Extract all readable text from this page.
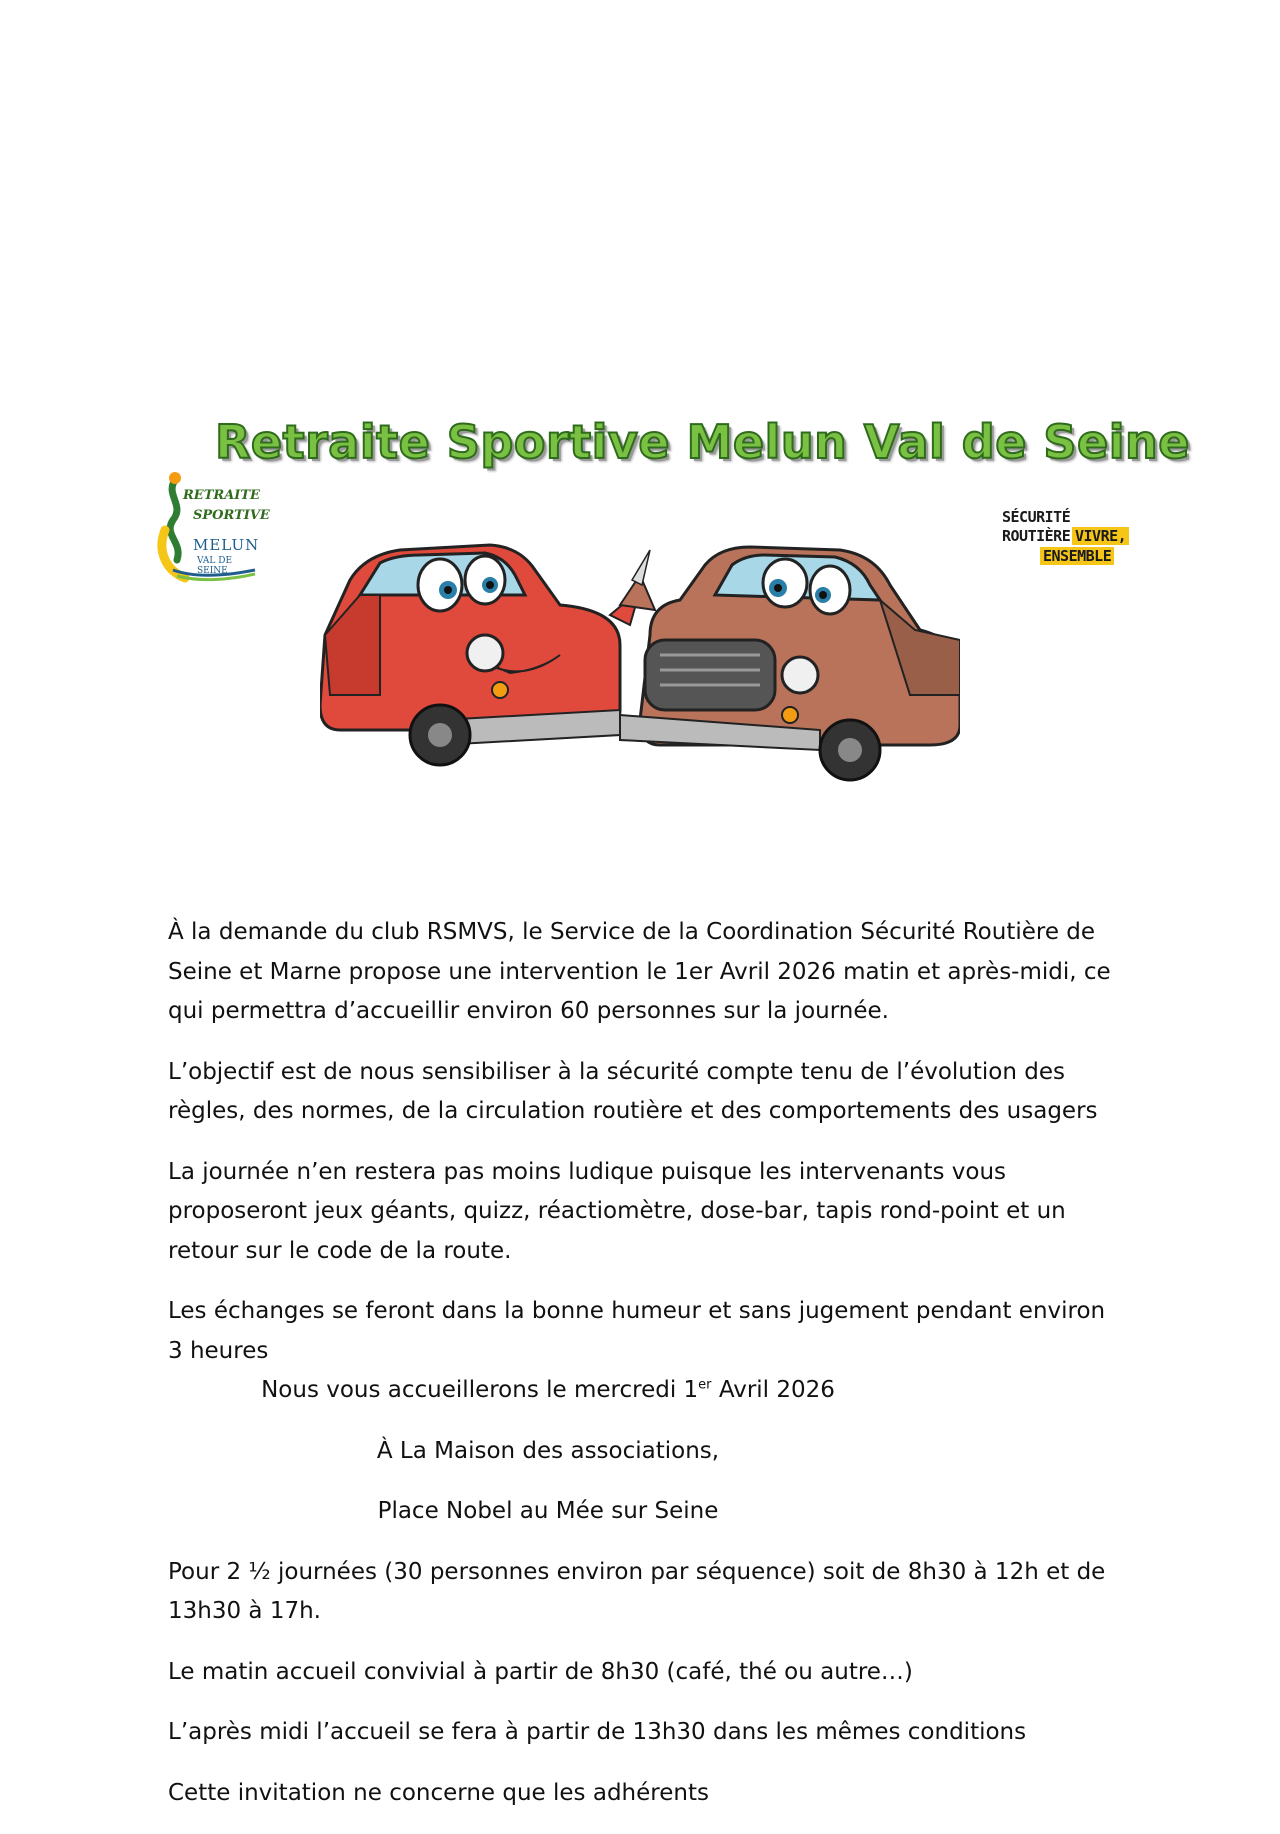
Retraite Sportive Melun Val de Seine
RETRAITE
SPORTIVE
MELUN
VAL DE SEINE
SÉCURITÉ
ROUTIÈRE VIVRE,
ENSEMBLE

À la demande du club RSMVS, le Service de la Coordination Sécurité Routière de Seine et Marne propose une intervention le 1er Avril 2026 matin et après-midi, ce qui permettra d’accueillir environ 60 personnes sur la journée.

L’objectif est de nous sensibiliser à la sécurité compte tenu de l’évolution des règles, des normes, de la circulation routière et des comportements des usagers

La journée n’en restera pas moins ludique puisque les intervenants vous proposeront jeux géants, quizz, réactiomètre, dose-bar, tapis rond-point et un retour sur le code de la route.

Les échanges se feront dans la bonne humeur et sans jugement pendant environ 3 heures

Nous vous accueillerons le mercredi 1er Avril 2026

À La Maison des associations,

Place Nobel au Mée sur Seine

Pour 2 ½ journées (30 personnes environ par séquence) soit de 8h30 à 12h et de 13h30 à 17h.

Le matin accueil convivial à partir de 8h30 (café, thé ou autre…)

L’après midi l’accueil se fera à partir de 13h30 dans les mêmes conditions

Cette invitation ne concerne que les adhérents
